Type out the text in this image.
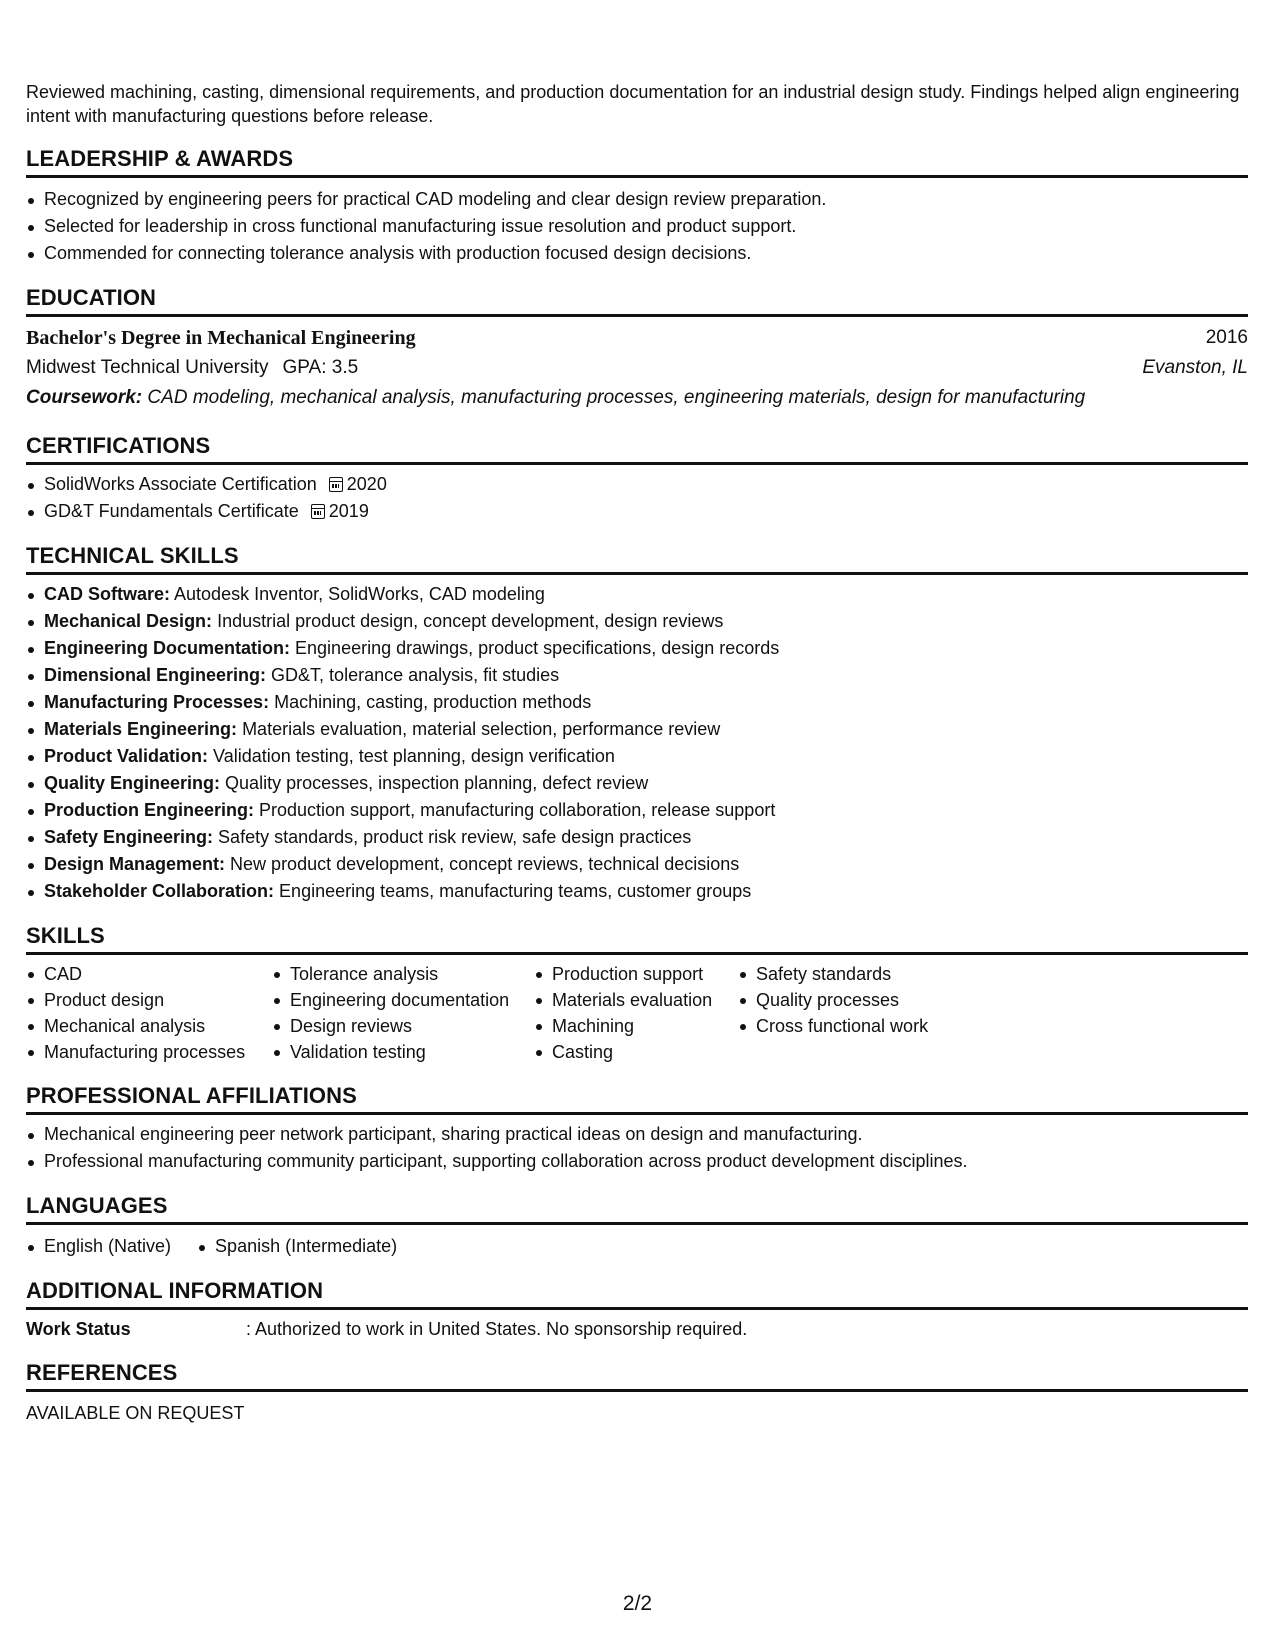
Reviewed machining, casting, dimensional requirements, and production documentation for an industrial design study. Findings helped align engineering intent with manufacturing questions before release.

LEADERSHIP & AWARDS
Recognized by engineering peers for practical CAD modeling and clear design review preparation.
Selected for leadership in cross functional manufacturing issue resolution and product support.
Commended for connecting tolerance analysis with production focused design decisions.
EDUCATION
Bachelor's Degree in Mechanical Engineering	2016
Midwest Technical University GPA: 3.5	Evanston, IL
Coursework: CAD modeling, mechanical analysis, manufacturing processes, engineering materials, design for manufacturing
CERTIFICATIONS
SolidWorks Associate Certification 2020
GD&T Fundamentals Certificate 2019
TECHNICAL SKILLS
CAD Software: Autodesk Inventor, SolidWorks, CAD modeling
Mechanical Design: Industrial product design, concept development, design reviews
Engineering Documentation: Engineering drawings, product specifications, design records
Dimensional Engineering: GD&T, tolerance analysis, fit studies
Manufacturing Processes: Machining, casting, production methods
Materials Engineering: Materials evaluation, material selection, performance review
Product Validation: Validation testing, test planning, design verification
Quality Engineering: Quality processes, inspection planning, defect review
Production Engineering: Production support, manufacturing collaboration, release support
Safety Engineering: Safety standards, product risk review, safe design practices
Design Management: New product development, concept reviews, technical decisions
Stakeholder Collaboration: Engineering teams, manufacturing teams, customer groups
SKILLS
CAD
Product design
Mechanical analysis
Manufacturing processes
Tolerance analysis
Engineering documentation
Design reviews
Validation testing
Production support
Materials evaluation
Machining
Casting
Safety standards
Quality processes
Cross functional work
PROFESSIONAL AFFILIATIONS
Mechanical engineering peer network participant, sharing practical ideas on design and manufacturing.
Professional manufacturing community participant, supporting collaboration across product development disciplines.
LANGUAGES
English (Native) Spanish (Intermediate)
ADDITIONAL INFORMATION
Work Status	: Authorized to work in United States. No sponsorship required.
REFERENCES
AVAILABLE ON REQUEST
2/2
